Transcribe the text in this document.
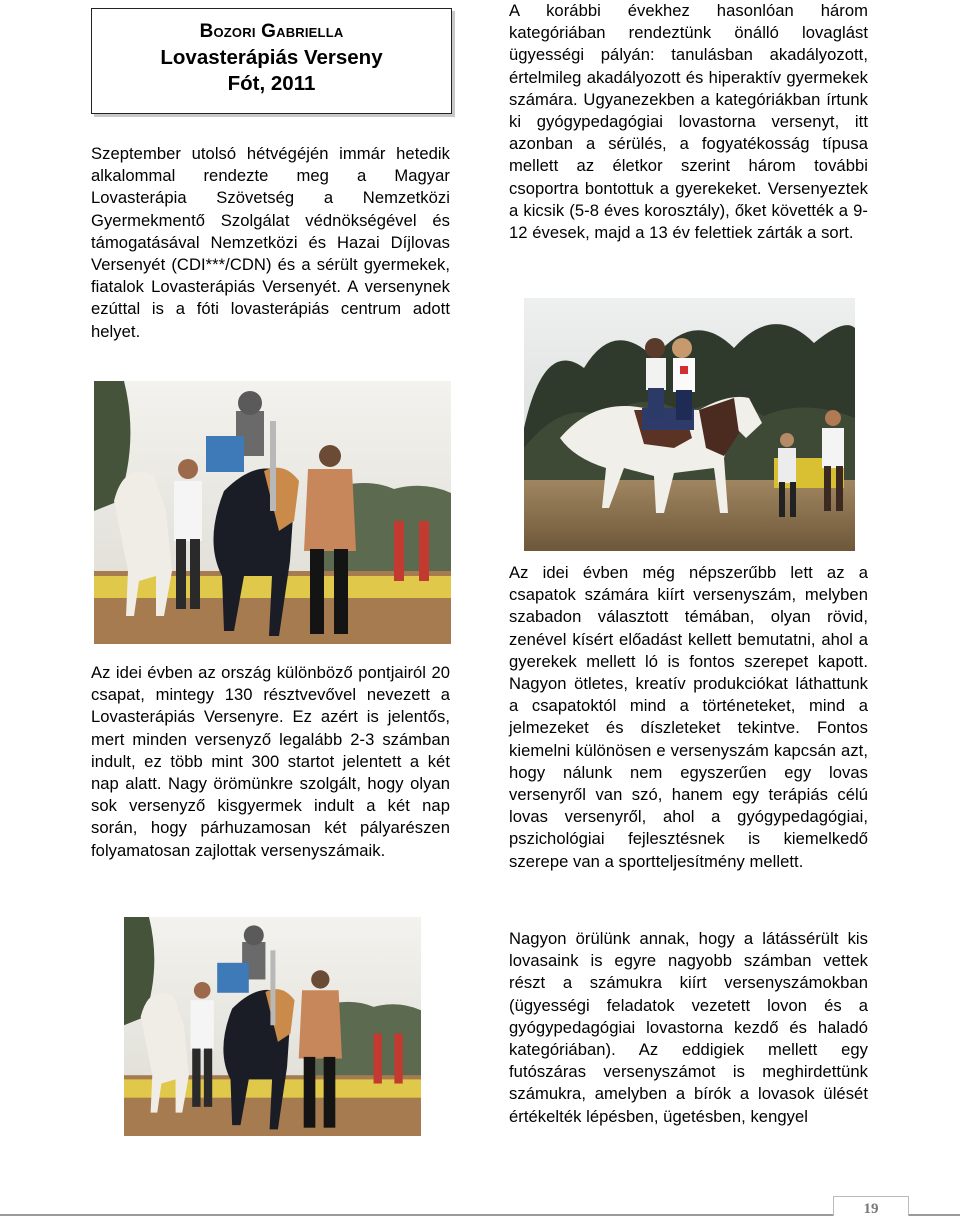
Bozori Gabriella
Lovasterápiás Verseny
Fót, 2011

Szeptember utolsó hétvégéjén immár hetedik alkalommal rendezte meg a Magyar Lovasterápia Szövetség a Nemzetközi Gyermekmentő Szolgálat védnökségével és támogatásával Nemzetközi és Hazai Díjlovas Versenyét (CDI***/CDN) és a sérült gyermekek, fiatalok Lovasterápiás Versenyét. A versenynek ezúttal is a fóti lovasterápiás centrum adott helyet.

A korábbi évekhez hasonlóan három kategóriában rendeztünk önálló lovaglást ügyességi pályán: tanulásban akadályozott, értelmileg akadályozott és hiperaktív gyermekek számára. Ugyanezekben a kategóriákban írtunk ki gyógypedagógiai lovastorna versenyt, itt azonban a sérülés, a fogyatékosság típusa mellett az életkor szerint három további csoportra bontottuk a gyerekeket. Versenyeztek a kicsik (5-8 éves korosztály), őket követték a 9-12 évesek, majd a 13 év felettiek zárták a sort.

Az idei évben az ország különböző pontjairól 20 csapat, mintegy 130 résztvevővel nevezett a Lovasterápiás Versenyre. Ez azért is jelentős, mert minden versenyző legalább 2-3 számban indult, ez több mint 300 startot jelentett a két nap alatt. Nagy örömünkre szolgált, hogy olyan sok versenyző kisgyermek indult a két nap során, hogy párhuzamosan két pályarészen folyamatosan zajlottak versenyszámaik.

Az idei évben még népszerűbb lett az a csapatok számára kiírt versenyszám, melyben szabadon választott témában, olyan rövid, zenével kísért előadást kellett bemutatni, ahol a gyerekek mellett ló is fontos szerepet kapott. Nagyon ötletes, kreatív produkciókat láthattunk a csapatoktól mind a történeteket, mind a jelmezeket és díszleteket tekintve. Fontos kiemelni különösen e versenyszám kapcsán azt, hogy nálunk nem egyszerűen egy lovas versenyről van szó, hanem egy terápiás célú lovas versenyről, ahol a gyógypedagógiai, pszichológiai fejlesztésnek is kiemelkedő szerepe van a sportteljesítmény mellett.

Nagyon örülünk annak, hogy a látássérült kis lovasaink is egyre nagyobb számban vettek részt a számukra kiírt versenyszámokban (ügyességi feladatok vezetett lovon és a gyógypedagógiai lovastorna kezdő és haladó kategóriában). Az eddigiek mellett egy futószáras versenyszámot is meghirdettünk számukra, amelyben a bírók a lovasok ülését értékelték lépésben, ügetésben, kengyel

19
